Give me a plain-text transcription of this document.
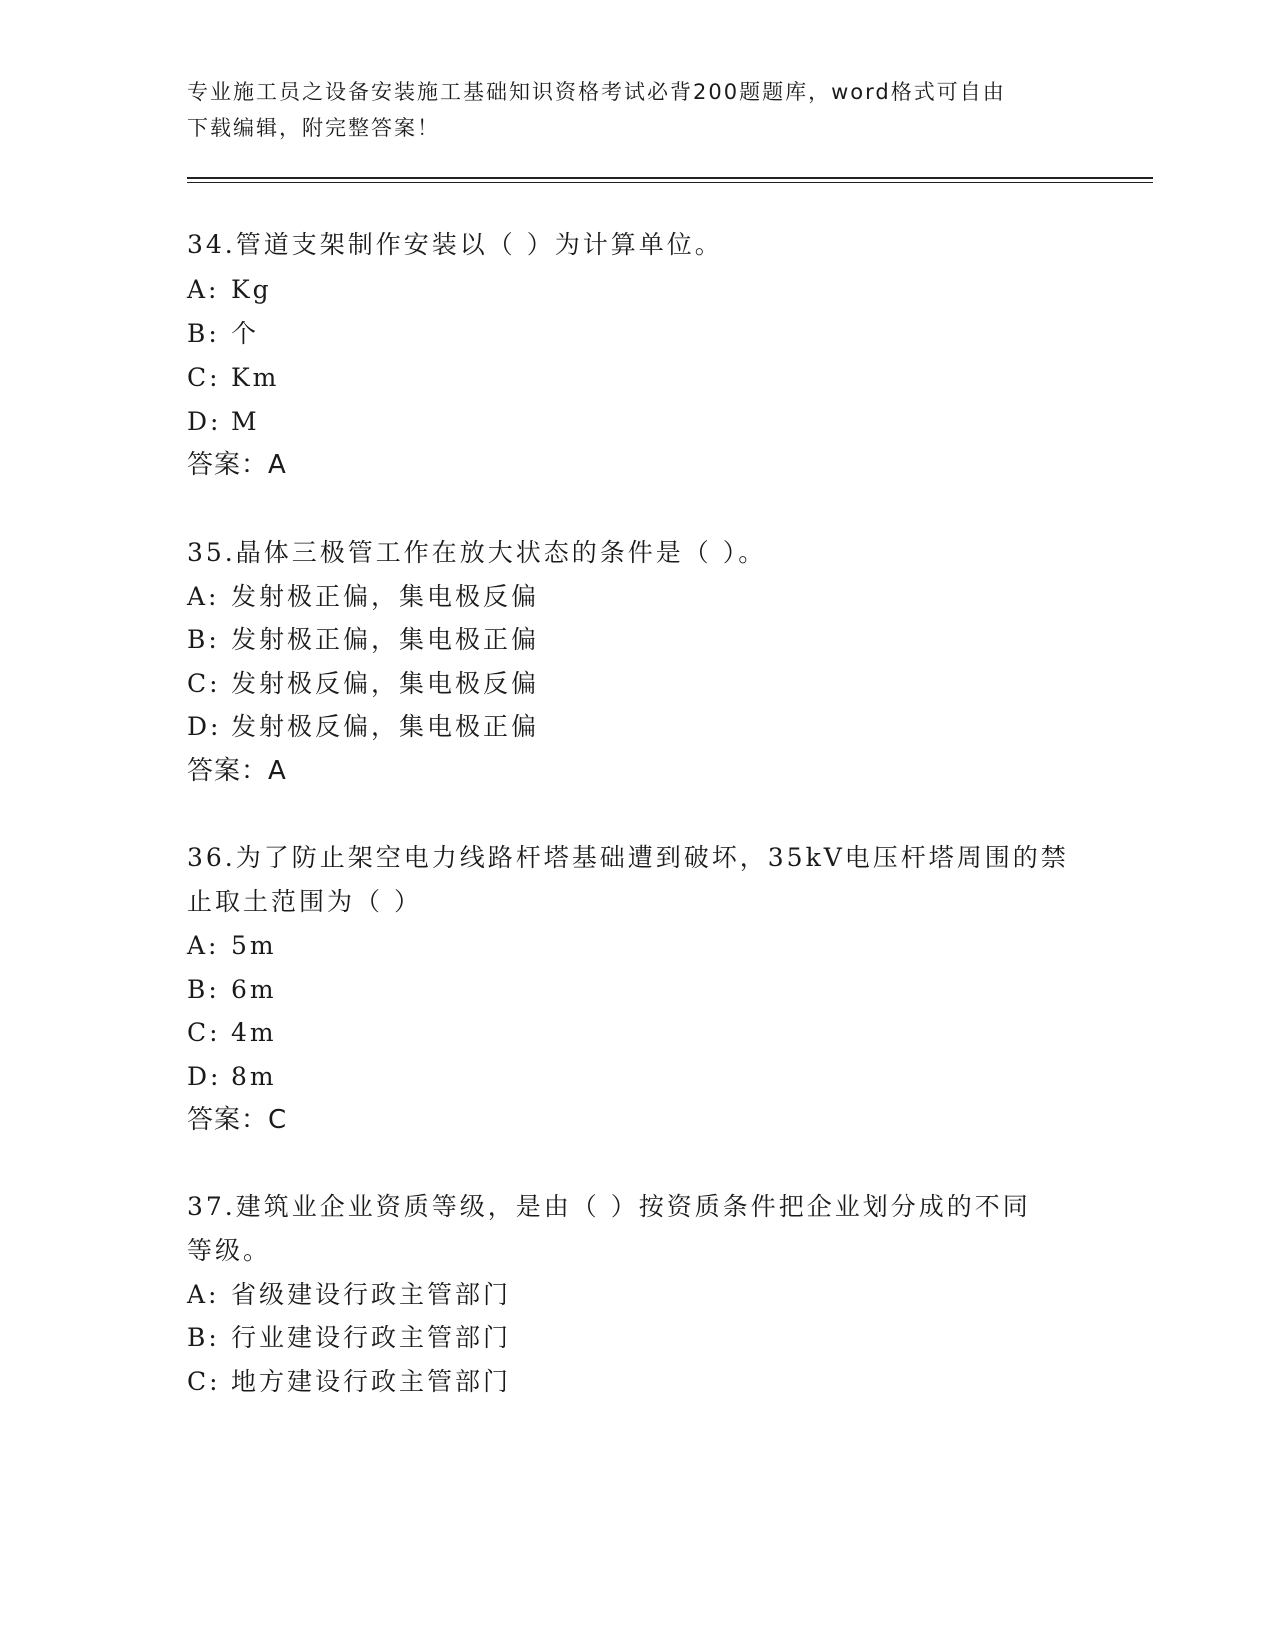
专业施工员之设备安装施工基础知识资格考试必背200题题库，word格式可自由
下载编辑，附完整答案！
34.管道支架制作安装以（ ）为计算单位。
A: Kg
B: 个
C: Km
D: M
答案：A
35.晶体三极管工作在放大状态的条件是（ ）。
A: 发射极正偏，集电极反偏
B: 发射极正偏，集电极正偏
C: 发射极反偏，集电极反偏
D: 发射极反偏，集电极正偏
答案：A
36.为了防止架空电力线路杆塔基础遭到破坏，35kV电压杆塔周围的禁
止取土范围为（ ）
A: 5m
B: 6m
C: 4m
D: 8m
答案：C
37.建筑业企业资质等级，是由（ ）按资质条件把企业划分成的不同
等级。
A: 省级建设行政主管部门
B: 行业建设行政主管部门
C: 地方建设行政主管部门
